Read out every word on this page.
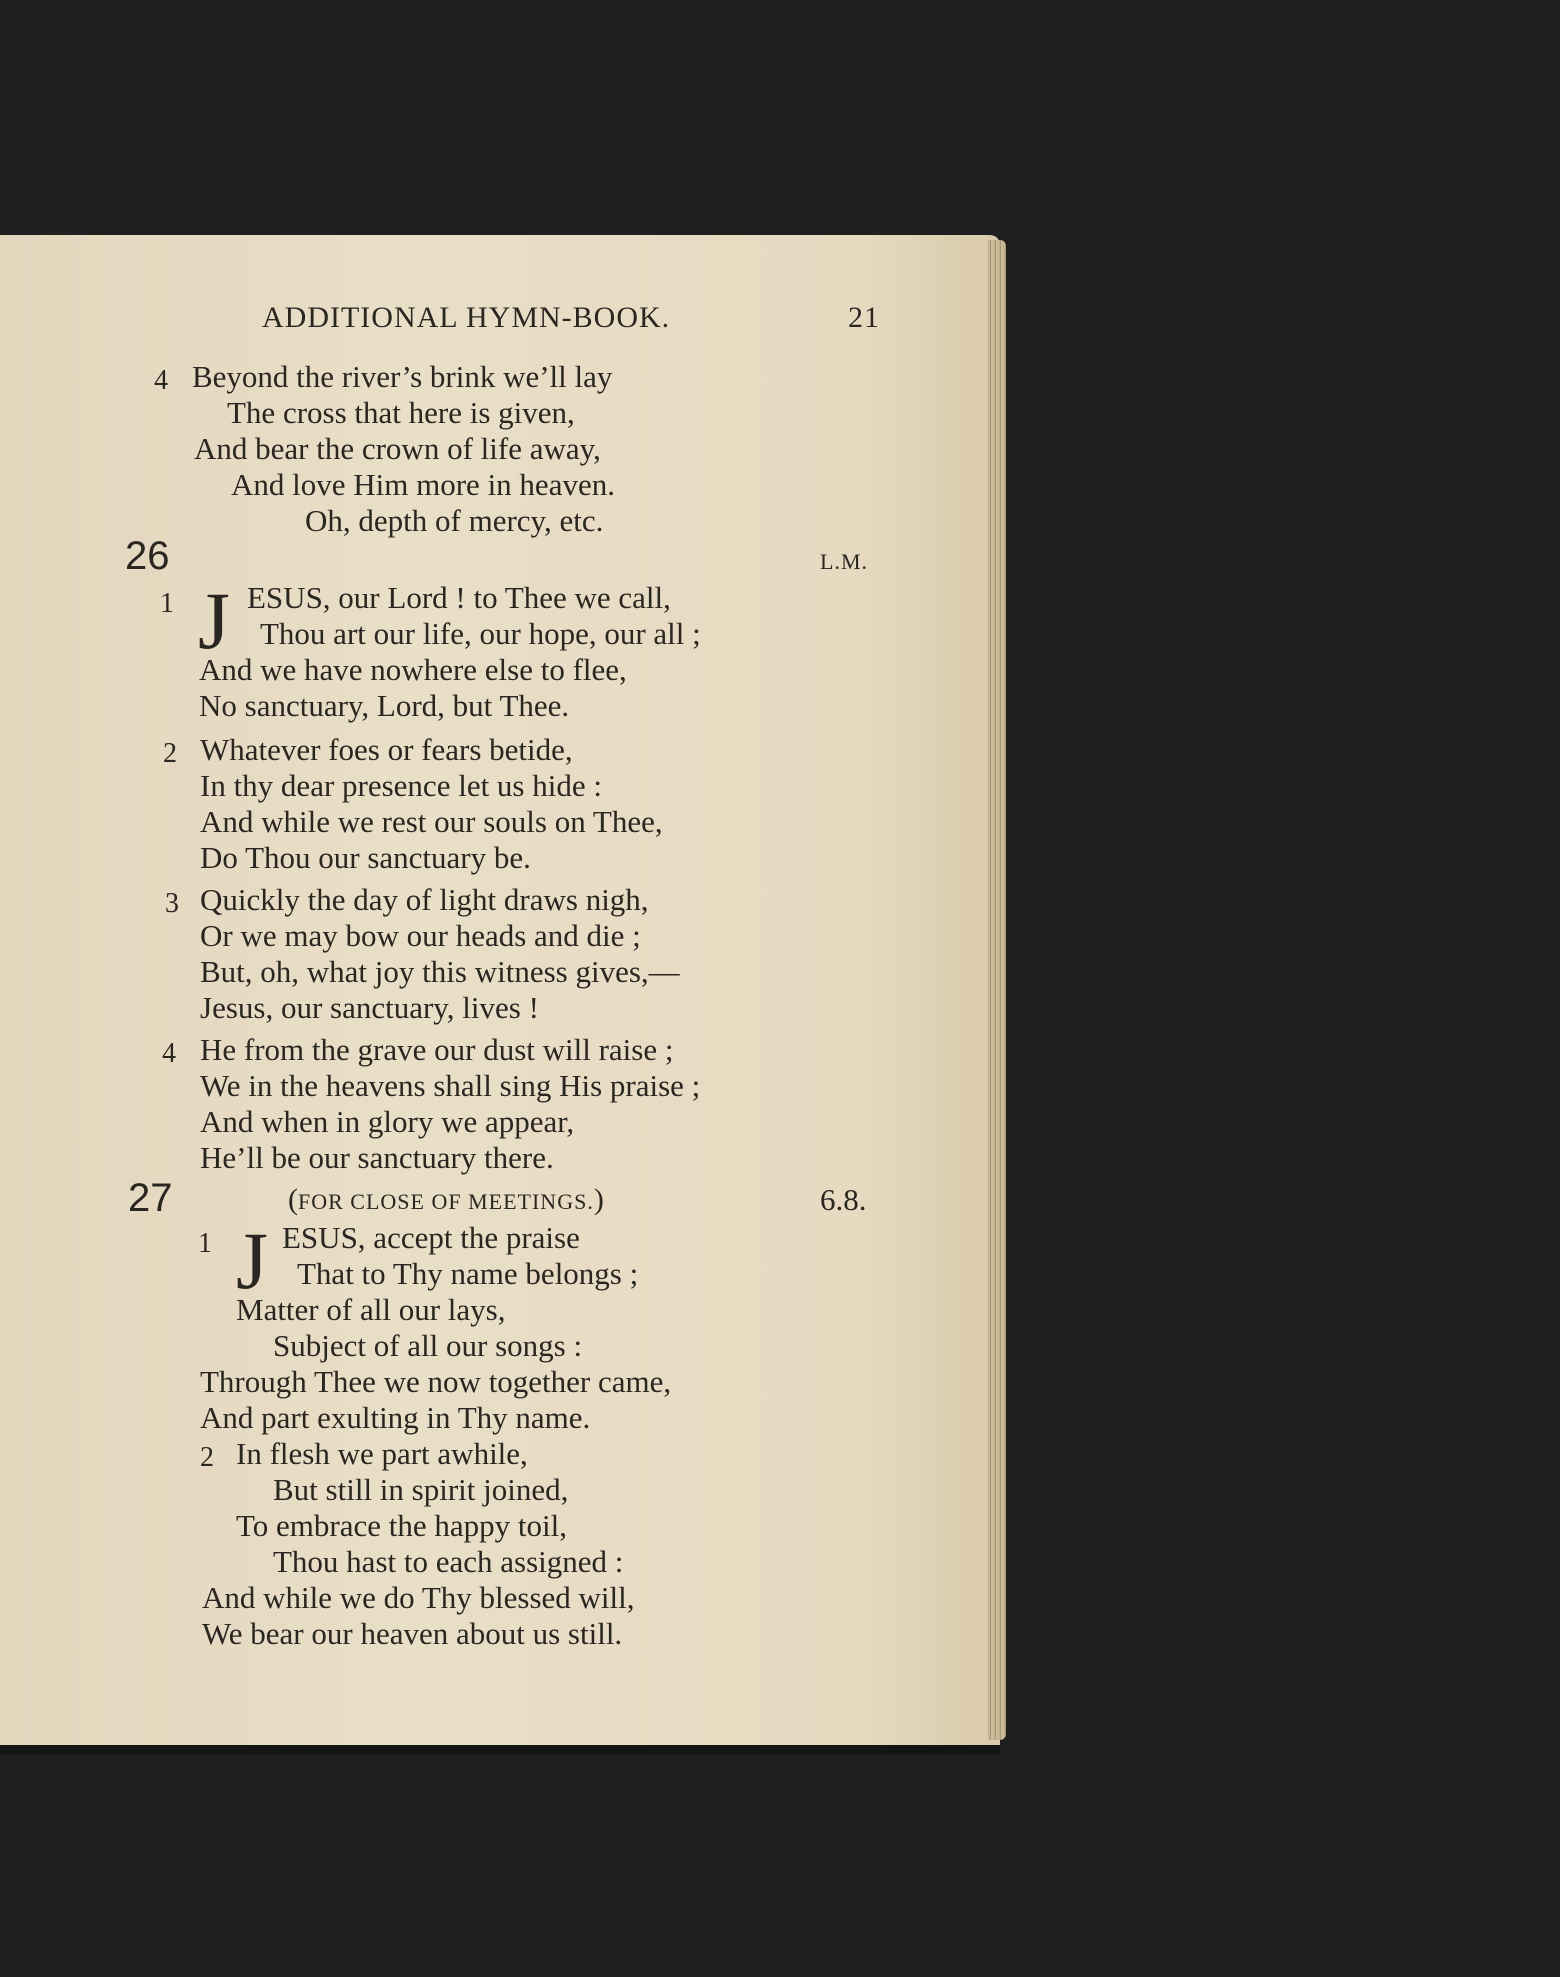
ADDITIONAL HYMN-BOOK.	21
4 Beyond the river’s brink we’ll lay
The cross that here is given,
And bear the crown of life away,
And love Him more in heaven.
Oh, depth of mercy, etc.
26	L.M.
1 J ESUS, our Lord ! to Thee we call,
Thou art our life, our hope, our all ;
And we have nowhere else to flee,
No sanctuary, Lord, but Thee.
2 Whatever foes or fears betide,
In thy dear presence let us hide :
And while we rest our souls on Thee,
Do Thou our sanctuary be.
3 Quickly the day of light draws nigh,
Or we may bow our heads and die ;
But, oh, what joy this witness gives,—
Jesus, our sanctuary, lives !
4 He from the grave our dust will raise ;
We in the heavens shall sing His praise ;
And when in glory we appear,
He’ll be our sanctuary there.
27	(FOR CLOSE OF MEETINGS.)	6.8.
1 J ESUS, accept the praise
That to Thy name belongs ;
Matter of all our lays,
Subject of all our songs :
Through Thee we now together came,
And part exulting in Thy name.
2 In flesh we part awhile,
But still in spirit joined,
To embrace the happy toil,
Thou hast to each assigned :
And while we do Thy blessed will,
We bear our heaven about us still.
